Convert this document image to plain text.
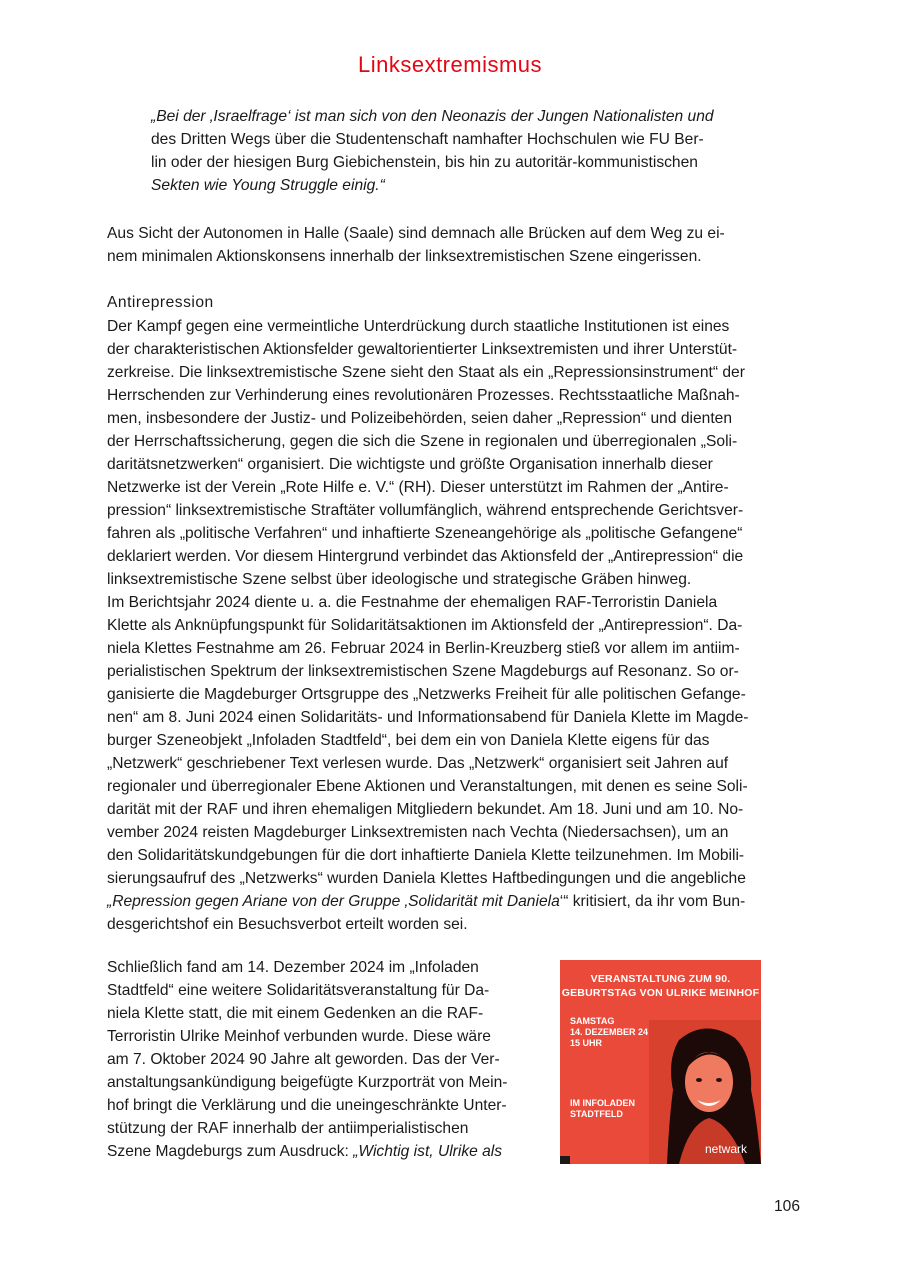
Linksextremismus
„Bei der ‚Israelfrage‘ ist man sich von den Neonazis der Jungen Nationalisten und
des Dritten Wegs über die Studentenschaft namhafter Hochschulen wie FU Ber-
lin oder der hiesigen Burg Giebichenstein, bis hin zu autoritär-kommunistischen
Sekten wie Young Struggle einig.“
Aus Sicht der Autonomen in Halle (Saale) sind demnach alle Brücken auf dem Weg zu ei-
nem minimalen Aktionskonsens innerhalb der linksextremistischen Szene eingerissen.
Antirepression
Der Kampf gegen eine vermeintliche Unterdrückung durch staatliche Institutionen ist eines
der charakteristischen Aktionsfelder gewaltorientierter Linksextremisten und ihrer Unterstüt-
zerkreise. Die linksextremistische Szene sieht den Staat als ein „Repressionsinstrument“ der
Herrschenden zur Verhinderung eines revolutionären Prozesses. Rechtsstaatliche Maßnah-
men, insbesondere der Justiz- und Polizeibehörden, seien daher „Repression“ und dienten
der Herrschaftssicherung, gegen die sich die Szene in regionalen und überregionalen „Soli-
daritätsnetzwerken“ organisiert. Die wichtigste und größte Organisation innerhalb dieser
Netzwerke ist der Verein „Rote Hilfe e. V.“ (RH). Dieser unterstützt im Rahmen der „Antire-
pression“ linksextremistische Straftäter vollumfänglich, während entsprechende Gerichtsver-
fahren als „politische Verfahren“ und inhaftierte Szeneangehörige als „politische Gefangene“
deklariert werden. Vor diesem Hintergrund verbindet das Aktionsfeld der „Antirepression“ die
linksextremistische Szene selbst über ideologische und strategische Gräben hinweg.
Im Berichtsjahr 2024 diente u. a. die Festnahme der ehemaligen RAF-Terroristin Daniela
Klette als Anknüpfungspunkt für Solidaritätsaktionen im Aktionsfeld der „Antirepression“. Da-
niela Klettes Festnahme am 26. Februar 2024 in Berlin-Kreuzberg stieß vor allem im antiim-
perialistischen Spektrum der linksextremistischen Szene Magdeburgs auf Resonanz. So or-
ganisierte die Magdeburger Ortsgruppe des „Netzwerks Freiheit für alle politischen Gefange-
nen“ am 8. Juni 2024 einen Solidaritäts- und Informationsabend für Daniela Klette im Magde-
burger Szeneobjekt „Infoladen Stadtfeld“, bei dem ein von Daniela Klette eigens für das
„Netzwerk“ geschriebener Text verlesen wurde. Das „Netzwerk“ organisiert seit Jahren auf
regionaler und überregionaler Ebene Aktionen und Veranstaltungen, mit denen es seine Soli-
darität mit der RAF und ihren ehemaligen Mitgliedern bekundet. Am 18. Juni und am 10. No-
vember 2024 reisten Magdeburger Linksextremisten nach Vechta (Niedersachsen), um an
den Solidaritätskundgebungen für die dort inhaftierte Daniela Klette teilzunehmen. Im Mobili-
sierungsaufruf des „Netzwerks“ wurden Daniela Klettes Haftbedingungen und die angebliche
„Repression gegen Ariane von der Gruppe ‚Solidarität mit Daniela‘“ kritisiert, da ihr vom Bun-
desgerichtshof ein Besuchsverbot erteilt worden sei.
Schließlich fand am 14. Dezember 2024 im „Infoladen
Stadtfeld“ eine weitere Solidaritätsveranstaltung für Da-
niela Klette statt, die mit einem Gedenken an die RAF-
Terroristin Ulrike Meinhof verbunden wurde. Diese wäre
am 7. Oktober 2024 90 Jahre alt geworden. Das der Ver-
anstaltungsankündigung beigefügte Kurzporträt von Mein-
hof bringt die Verklärung und die uneingeschränkte Unter-
stützung der RAF innerhalb der antiimperialistischen
Szene Magdeburgs zum Ausdruck: „Wichtig ist, Ulrike als
VERANSTALTUNG ZUM 90.
GEBURTSTAG VON ULRIKE MEINHOF
SAMSTAG
14. DEZEMBER 24
15 UHR
IM INFOLADEN
STADTFELD
netwark
106
